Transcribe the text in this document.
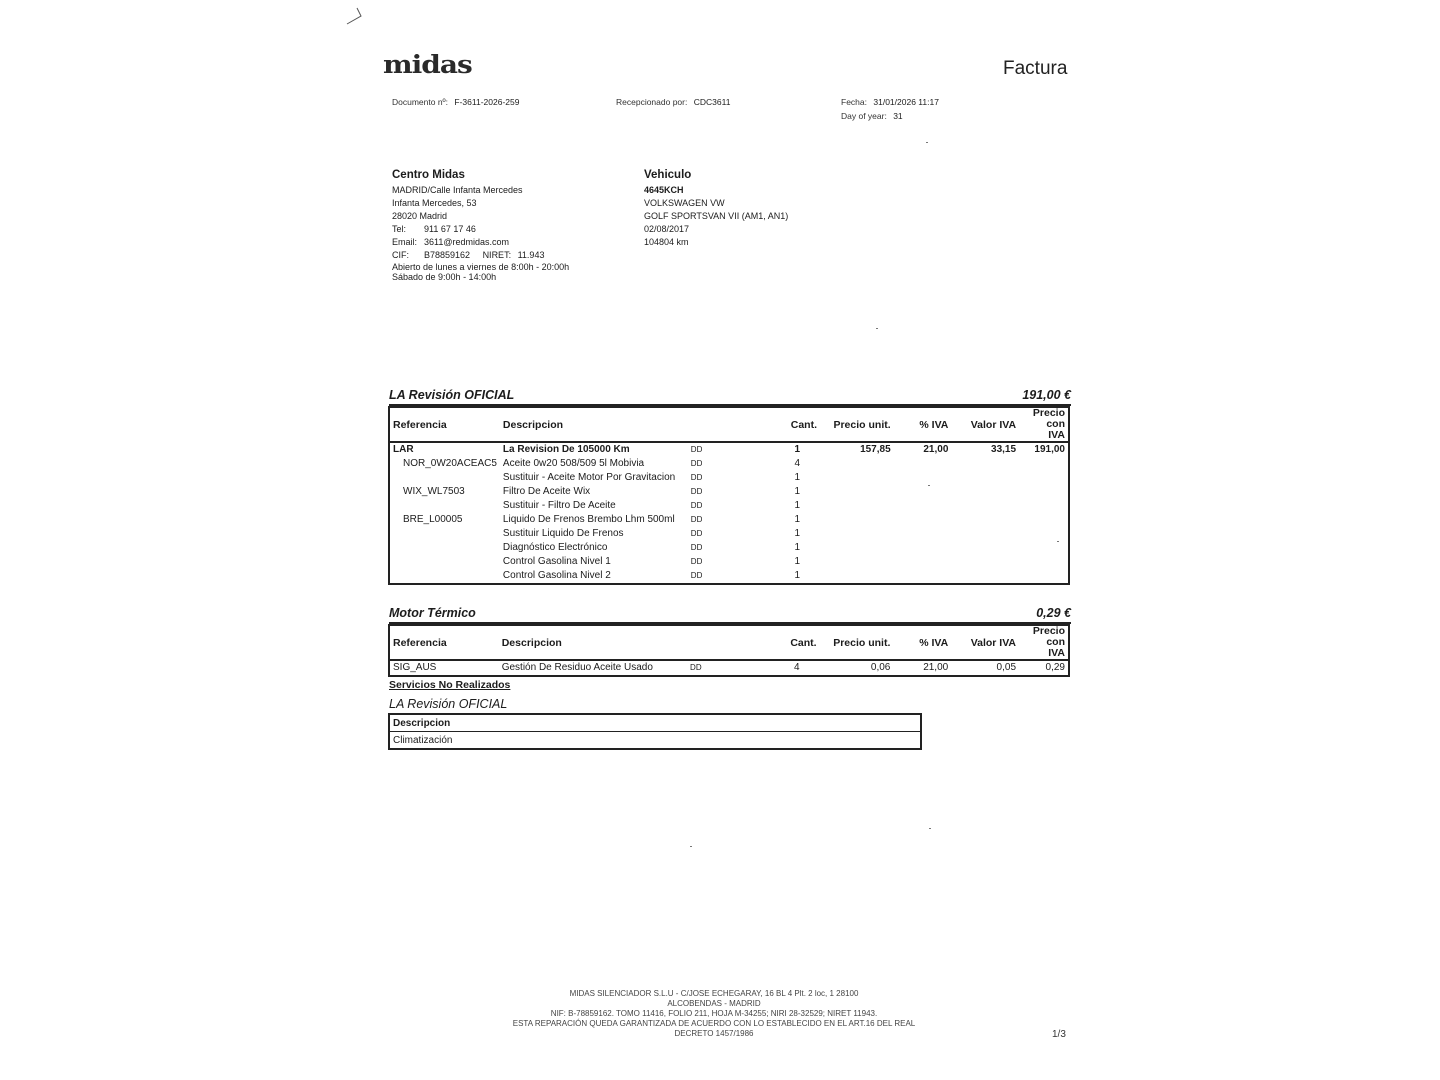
midas	Factura
Documento nº: F-3611-2026-259	Recepcionado por: CDC3611	Fecha: 31/01/2026 11:17
Day of year: 31
Centro Midas
MADRID/Calle Infanta Mercedes
Infanta Mercedes, 53
28020 Madrid
Tel: 911 67 17 46
Email: 3611@redmidas.com
CIF: B78859162 NIRET: 11.943
Abierto de lunes a viernes de 8:00h - 20:00h
Sábado de 9:00h - 14:00h
Vehiculo
4645KCH
VOLKSWAGEN VW
GOLF SPORTSVAN VII (AM1, AN1)
02/08/2017
104804 km
LA Revisión OFICIAL	191,00 €
Referencia	Descripcion		Cant.	Precio unit.	% IVA	Valor IVA	Precio con
IVA
LAR	La Revision De 105000 Km	DD	1	157,85	21,00	33,15	191,00
NOR_0W20ACEAC5	Aceite 0w20 508/509 5l Mobivia	DD	4				
	Sustituir - Aceite Motor Por Gravitacion	DD	1				
WIX_WL7503	Filtro De Aceite Wix	DD	1				
	Sustituir - Filtro De Aceite	DD	1				
BRE_L00005	Liquido De Frenos Brembo Lhm 500ml	DD	1				
	Sustituir Liquido De Frenos	DD	1				
	Diagnóstico Electrónico	DD	1				
	Control Gasolina Nivel 1	DD	1				
	Control Gasolina Nivel 2	DD	1				
Motor Térmico	0,29 €
Referencia	Descripcion		Cant.	Precio unit.	% IVA	Valor IVA	Precio con
IVA
SIG_AUS	Gestión De Residuo Aceite Usado	DD	4	0,06	21,00	0,05	0,29
Servicios No Realizados
LA Revisión OFICIAL
Descripcion
Climatización
MIDAS SILENCIADOR S.L.U - C/JOSE ECHEGARAY, 16 BL 4 Plt. 2 loc, 1 28100
ALCOBENDAS - MADRID
NIF: B-78859162. TOMO 11416, FOLIO 211, HOJA M-34255; NIRI 28-32529; NIRET 11943.
ESTA REPARACIÓN QUEDA GARANTIZADA DE ACUERDO CON LO ESTABLECIDO EN EL ART.16 DEL REAL
DECRETO 1457/1986	1/3
